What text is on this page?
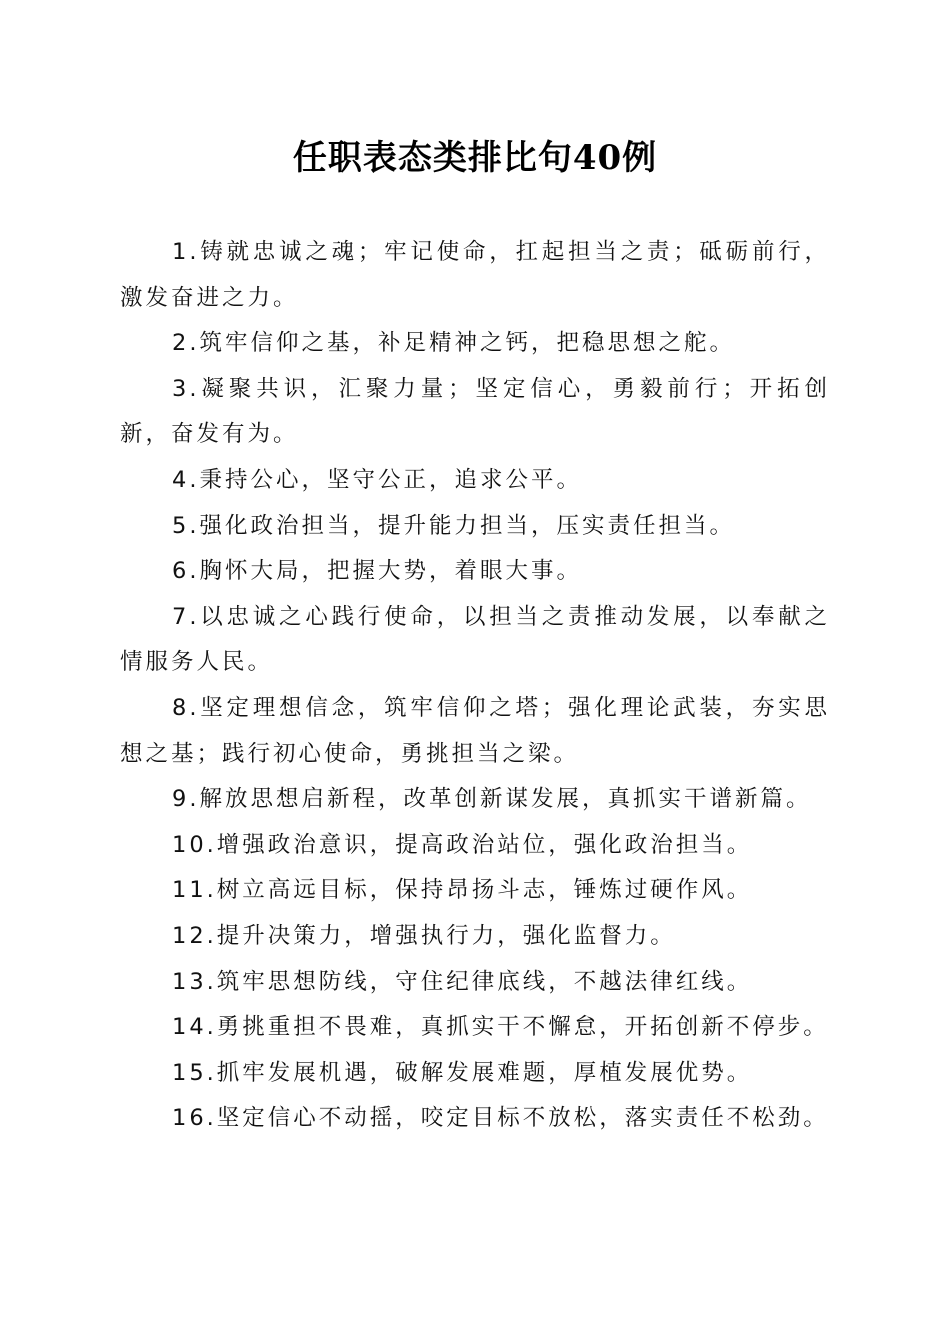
任职表态类排比句40例

1.铸就忠诚之魂；牢记使命，扛起担当之责；砥砺前行，激发奋进之力。

2.筑牢信仰之基，补足精神之钙，把稳思想之舵。

3.凝聚共识，汇聚力量；坚定信心，勇毅前行；开拓创新，奋发有为。

4.秉持公心，坚守公正，追求公平。

5.强化政治担当，提升能力担当，压实责任担当。

6.胸怀大局，把握大势，着眼大事。

7.以忠诚之心践行使命，以担当之责推动发展，以奉献之情服务人民。

8.坚定理想信念，筑牢信仰之塔；强化理论武装，夯实思想之基；践行初心使命，勇挑担当之梁。

9.解放思想启新程，改革创新谋发展，真抓实干谱新篇。

10.增强政治意识，提高政治站位，强化政治担当。

11.树立高远目标，保持昂扬斗志，锤炼过硬作风。

12.提升决策力，增强执行力，强化监督力。

13.筑牢思想防线，守住纪律底线，不越法律红线。

14.勇挑重担不畏难，真抓实干不懈怠，开拓创新不停步。

15.抓牢发展机遇，破解发展难题，厚植发展优势。

16.坚定信心不动摇，咬定目标不放松，落实责任不松劲。
